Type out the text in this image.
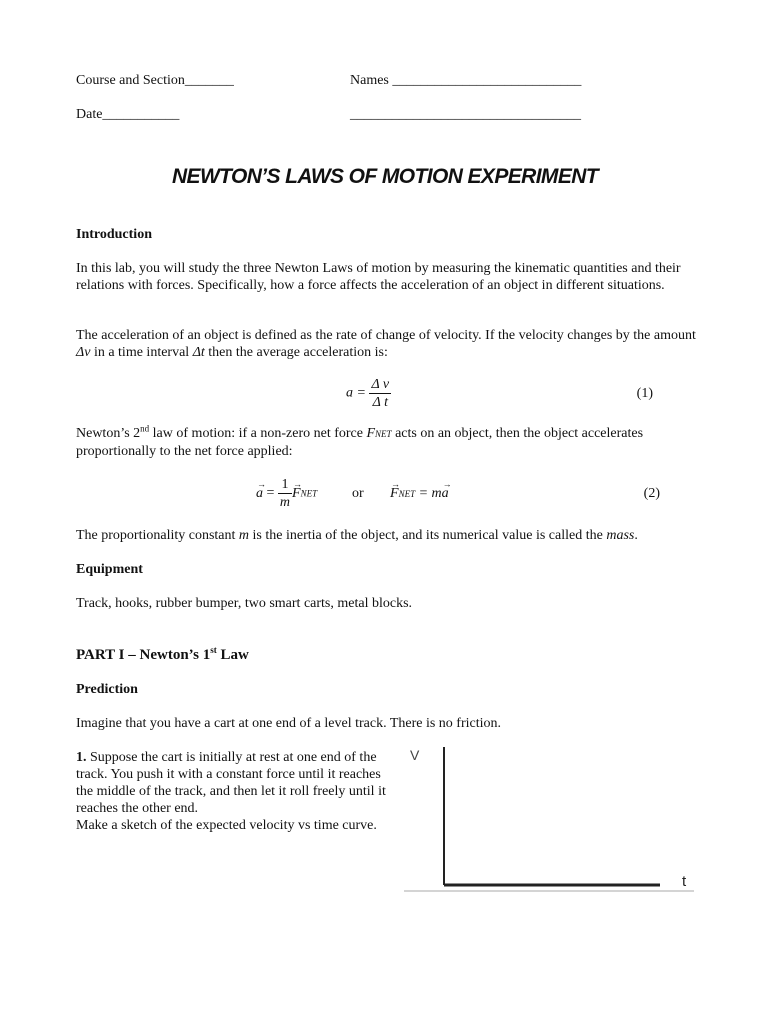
Course and Section_______	Names ___________________________
Date___________	_________________________________
NEWTON’S LAWS OF MOTION EXPERIMENT
Introduction
In this lab, you will study the three Newton Laws of motion by measuring the kinematic quantities and their relations with forces. Specifically, how a force affects the acceleration of an object in different situations.
The acceleration of an object is defined as the rate of change of velocity. If the velocity changes by the amount Δv in a time interval Δt then the average acceleration is:
$a = \frac{\text{Δ v}}{\text{Δ t}}$	(1)
Newton’s 2nd law of motion: if a non-zero net force FNET acts on an object, then the object accelerates proportionally to the net force applied:
→ $a = \frac{1}{m}$ → FNET or → FNET = m→ a	(2)
The proportionality constant m is the inertia of the object, and its numerical value is called the mass.
Equipment
Track, hooks, rubber bumper, two smart carts, metal blocks.
PART I – Newton’s 1st Law
Prediction
Imagine that you have a cart at one end of a level track. There is no friction.
1. Suppose the cart is initially at rest at one end of the track. You push it with a constant force until it reaches the middle of the track, and then let it roll freely until it reaches the other end.
Make a sketch of the expected velocity vs time curve.
V
t
